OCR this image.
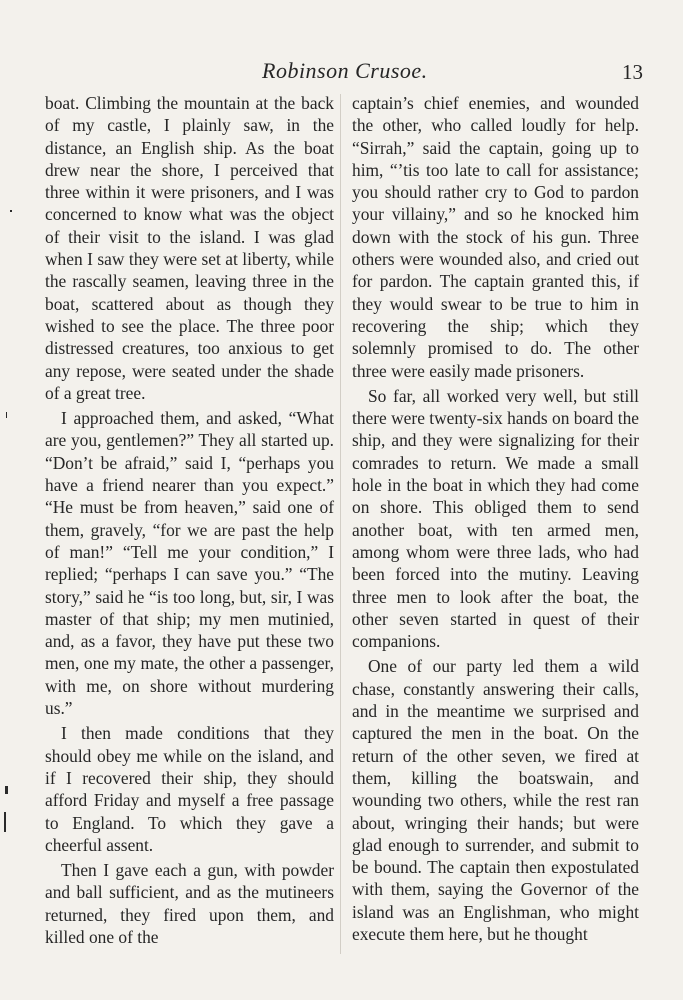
Robinson Crusoe.	13

boat. Climbing the mountain at the back of my castle, I plainly saw, in the distance, an English ship. As the boat drew near the shore, I perceived that three within it were prisoners, and I was concerned to know what was the object of their visit to the island. I was glad when I saw they were set at liberty, while the rascally seamen, leaving three in the boat, scattered about as though they wished to see the place. The three poor distressed creatures, too anxious to get any repose, were seated under the shade of a great tree.

I approached them, and asked, “What are you, gentlemen?” They all started up. “Don’t be afraid,” said I, “perhaps you have a friend nearer than you expect.” “He must be from heaven,” said one of them, gravely, “for we are past the help of man!” “Tell me your condition,” I replied; “perhaps I can save you.” “The story,” said he “is too long, but, sir, I was master of that ship; my men mutinied, and, as a favor, they have put these two men, one my mate, the other a passenger, with me, on shore without murdering us.”

I then made conditions that they should obey me while on the island, and if I recovered their ship, they should afford Friday and myself a free passage to England. To which they gave a cheerful assent.

Then I gave each a gun, with powder and ball sufficient, and as the mutineers returned, they fired upon them, and killed one of the

captain’s chief enemies, and wounded the other, who called loudly for help. “Sirrah,” said the captain, going up to him, “’tis too late to call for assistance; you should rather cry to God to pardon your villainy,” and so he knocked him down with the stock of his gun. Three others were wounded also, and cried out for pardon. The captain granted this, if they would swear to be true to him in recovering the ship; which they solemnly promised to do. The other three were easily made prisoners.

So far, all worked very well, but still there were twenty-six hands on board the ship, and they were signalizing for their comrades to return. We made a small hole in the boat in which they had come on shore. This obliged them to send another boat, with ten armed men, among whom were three lads, who had been forced into the mutiny. Leaving three men to look after the boat, the other seven started in quest of their companions.

One of our party led them a wild chase, constantly answering their calls, and in the meantime we surprised and captured the men in the boat. On the return of the other seven, we fired at them, killing the boatswain, and wounding two others, while the rest ran about, wringing their hands; but were glad enough to surrender, and submit to be bound. The captain then expostulated with them, saying the Governor of the island was an Englishman, who might execute them here, but he thought
